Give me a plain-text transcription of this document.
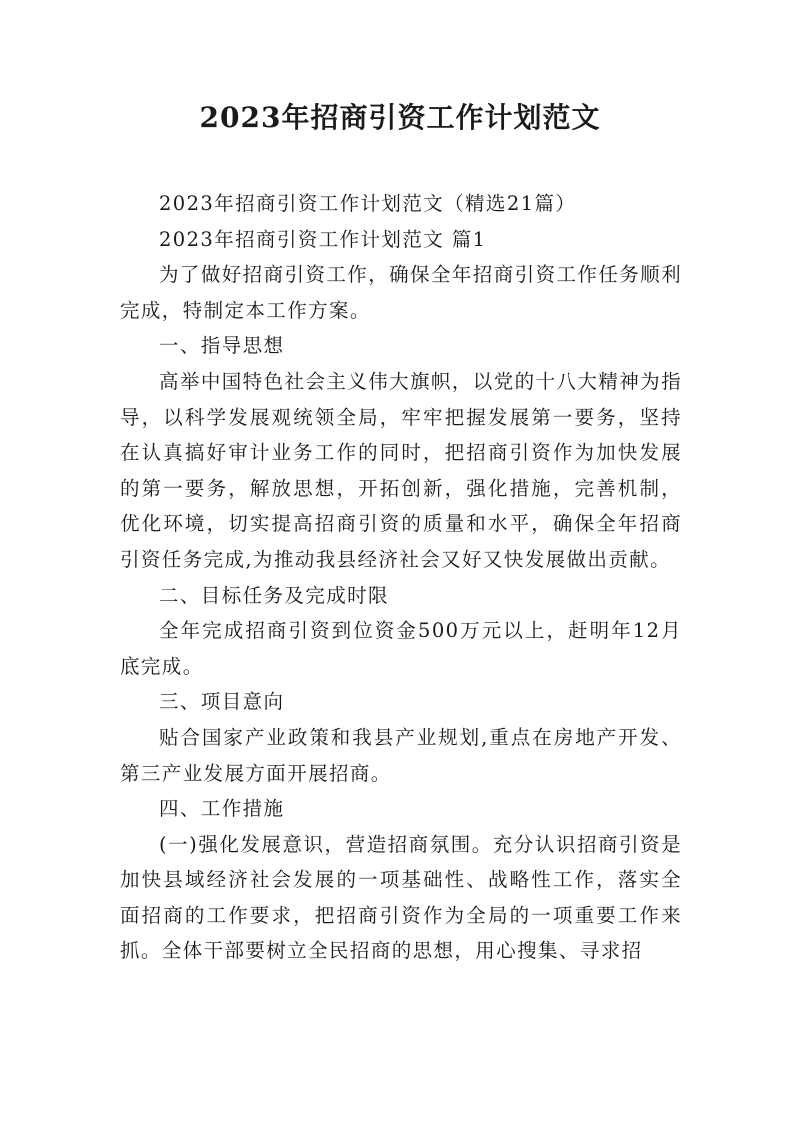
2023年招商引资工作计划范文

2023年招商引资工作计划范文（精选21篇）

2023年招商引资工作计划范文 篇1

为了做好招商引资工作，确保全年招商引资工作任务顺利完成，特制定本工作方案。

一、指导思想

高举中国特色社会主义伟大旗帜，以党的十八大精神为指导，以科学发展观统领全局，牢牢把握发展第一要务，坚持在认真搞好审计业务工作的同时，把招商引资作为加快发展的第一要务，解放思想，开拓创新，强化措施，完善机制，优化环境，切实提高招商引资的质量和水平，确保全年招商引资任务完成,为推动我县经济社会又好又快发展做出贡献。

二、目标任务及完成时限

全年完成招商引资到位资金500万元以上，赶明年12月底完成。

三、项目意向

贴合国家产业政策和我县产业规划,重点在房地产开发、第三产业发展方面开展招商。

四、工作措施

(一)强化发展意识，营造招商氛围。充分认识招商引资是加快县域经济社会发展的一项基础性、战略性工作，落实全面招商的工作要求，把招商引资作为全局的一项重要工作来抓。全体干部要树立全民招商的思想，用心搜集、寻求招
